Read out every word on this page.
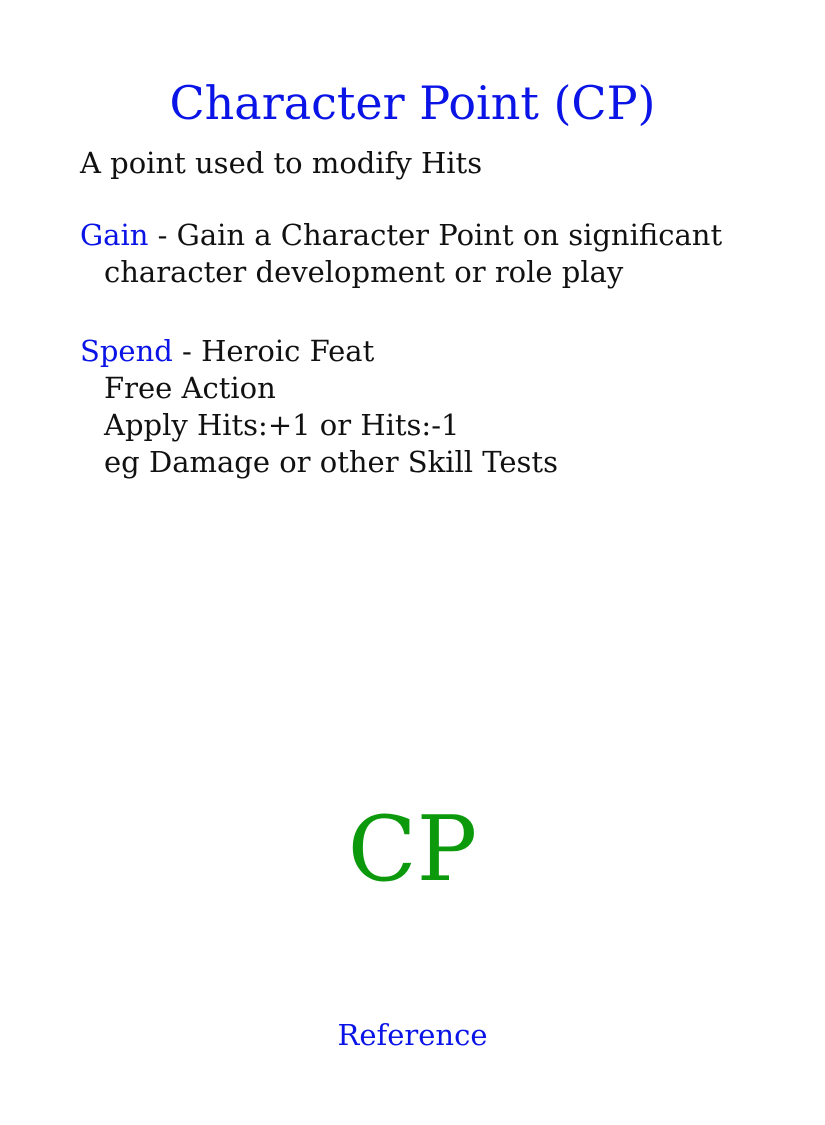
Character Point (CP)
A point used to modify Hits
Gain - Gain a Character Point on significant
character development or role play
Spend - Heroic Feat
Free Action
Apply Hits:+1 or Hits:-1
eg Damage or other Skill Tests
CP
Reference
